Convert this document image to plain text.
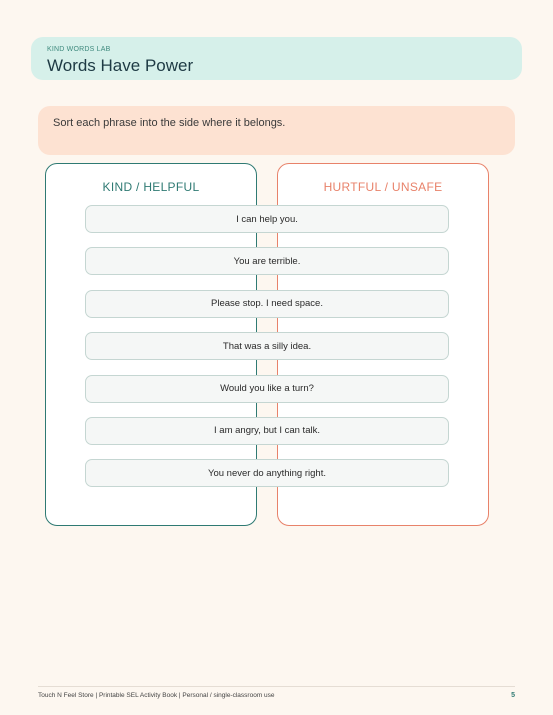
KIND WORDS LAB
Words Have Power
Sort each phrase into the side where it belongs.
KIND / HELPFUL	HURTFUL / UNSAFE
I can help you.
You are terrible.
Please stop. I need space.
That was a silly idea.
Would you like a turn?
I am angry, but I can talk.
You never do anything right.
Touch N Feel Store | Printable SEL Activity Book | Personal / single-classroom use	5
